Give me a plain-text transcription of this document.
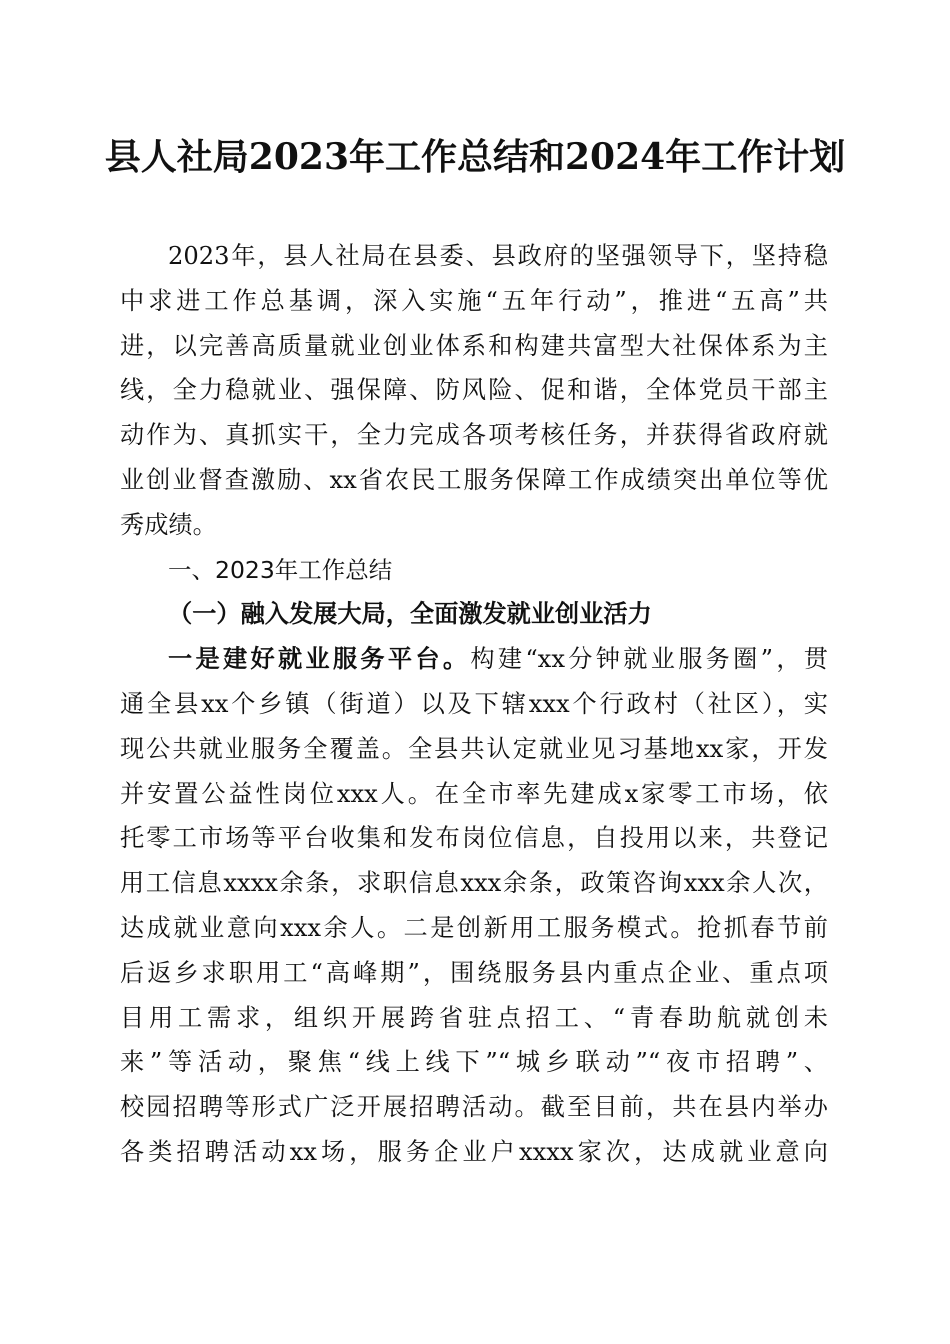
县人社局2023年工作总结和2024年工作计划
2023年，县人社局在县委、县政府的坚强领导下，坚持稳
中求进工作总基调，深入实施“五年行动”，推进“五高”共
进，以完善高质量就业创业体系和构建共富型大社保体系为主
线，全力稳就业、强保障、防风险、促和谐，全体党员干部主
动作为、真抓实干，全力完成各项考核任务，并获得省政府就
业创业督查激励、xx省农民工服务保障工作成绩突出单位等优
秀成绩。
一、2023年工作总结
（一）融入发展大局，全面激发就业创业活力
一是建好就业服务平台。构建“xx分钟就业服务圈”，贯
通全县xx个乡镇（街道）以及下辖xxx个行政村（社区），实
现公共就业服务全覆盖。全县共认定就业见习基地xx家，开发
并安置公益性岗位xxx人。在全市率先建成x家零工市场，依
托零工市场等平台收集和发布岗位信息，自投用以来，共登记
用工信息xxxx余条，求职信息xxx余条，政策咨询xxx余人次，
达成就业意向xxx余人。二是创新用工服务模式。抢抓春节前
后返乡求职用工“高峰期”，围绕服务县内重点企业、重点项
目用工需求，组织开展跨省驻点招工、“青春助航就创未
来”等活动，聚焦“线上线下”“城乡联动”“夜市招聘”、
校园招聘等形式广泛开展招聘活动。截至目前，共在县内举办
各类招聘活动xx场，服务企业户xxxx家次，达成就业意向
